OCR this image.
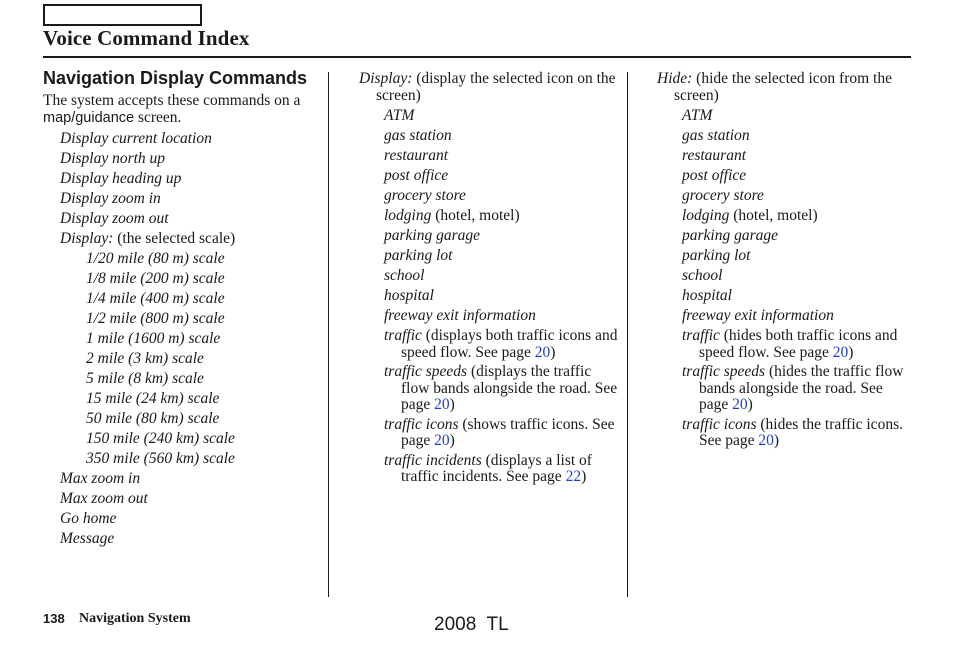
Voice Command Index
Navigation Display Commands

The system accepts these commands on a map/guidance screen.

Display current location
Display north up
Display heading up
Display zoom in
Display zoom out
Display: (the selected scale)
1/20 mile (80 m) scale
1/8 mile (200 m) scale
1/4 mile (400 m) scale
1/2 mile (800 m) scale
1 mile (1600 m) scale
2 mile (3 km) scale
5 mile (8 km) scale
15 mile (24 km) scale
50 mile (80 km) scale
150 mile (240 km) scale
350 mile (560 km) scale
Max zoom in
Max zoom out
Go home
Message
Display: (display the selected icon on the screen)
ATM
gas station
restaurant
post office
grocery store
lodging (hotel, motel)
parking garage
parking lot
school
hospital
freeway exit information
traffic (displays both traffic icons and speed flow. See page 20)
traffic speeds (displays the traffic flow bands alongside the road. See page 20)
traffic icons (shows traffic icons. See page 20)
traffic incidents (displays a list of traffic incidents. See page 22)
Hide: (hide the selected icon from the screen)
ATM
gas station
restaurant
post office
grocery store
lodging (hotel, motel)
parking garage
parking lot
school
hospital
freeway exit information
traffic (hides both traffic icons and speed flow. See page 20)
traffic speeds (hides the traffic flow bands alongside the road. See page 20)
traffic icons (hides the traffic icons. See page 20)
138 Navigation System	2008  TL
